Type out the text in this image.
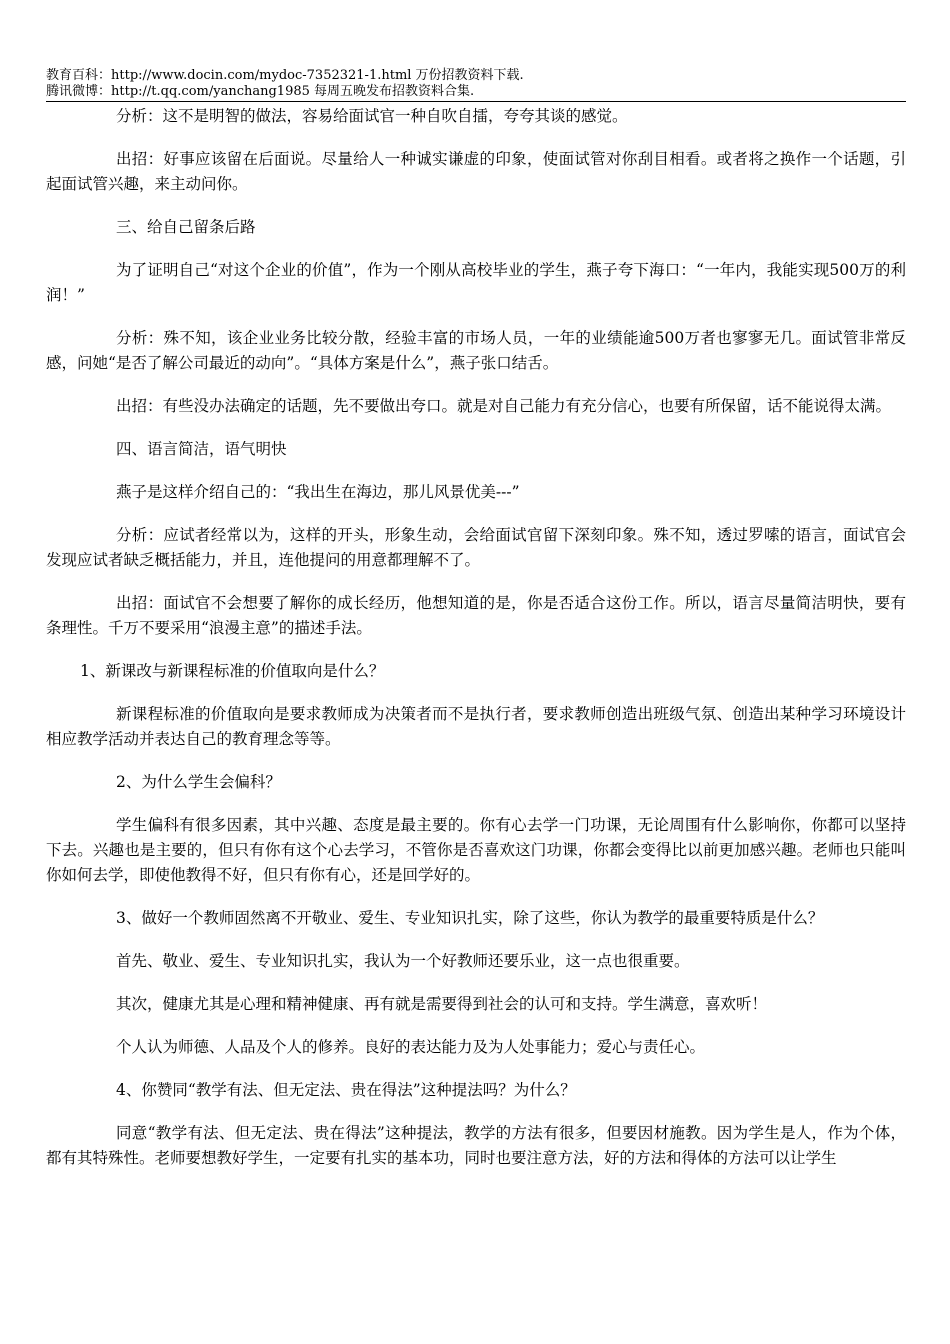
教育百科：http://www.docin.com/mydoc-7352321-1.html 万份招教资料下载.
腾讯微博：http://t.qq.com/yanchang1985 每周五晚发布招教资料合集.

分析：这不是明智的做法，容易给面试官一种自吹自擂，夸夸其谈的感觉。

出招：好事应该留在后面说。尽量给人一种诚实谦虚的印象，使面试管对你刮目相看。或者将之换作一个话题，引起面试管兴趣，来主动问你。

三、给自己留条后路

为了证明自己“对这个企业的价值”，作为一个刚从高校毕业的学生，燕子夸下海口：“一年内，我能实现500万的利润！”

分析：殊不知，该企业业务比较分散，经验丰富的市场人员，一年的业绩能逾500万者也寥寥无几。面试管非常反感，问她“是否了解公司最近的动向”。“具体方案是什么”，燕子张口结舌。

出招：有些没办法确定的话题，先不要做出夸口。就是对自己能力有充分信心，也要有所保留，话不能说得太满。

四、语言简洁，语气明快

燕子是这样介绍自己的：“我出生在海边，那儿风景优美---”

分析：应试者经常以为，这样的开头，形象生动，会给面试官留下深刻印象。殊不知，透过罗嗦的语言，面试官会发现应试者缺乏概括能力，并且，连他提问的用意都理解不了。

出招：面试官不会想要了解你的成长经历，他想知道的是，你是否适合这份工作。所以，语言尽量简洁明快，要有条理性。千万不要采用“浪漫主意”的描述手法。

1、新课改与新课程标准的价值取向是什么？

新课程标准的价值取向是要求教师成为决策者而不是执行者，要求教师创造出班级气氛、创造出某种学习环境设计相应教学活动并表达自己的教育理念等等。

2、为什么学生会偏科？

学生偏科有很多因素，其中兴趣、态度是最主要的。你有心去学一门功课，无论周围有什么影响你，你都可以坚持下去。兴趣也是主要的，但只有你有这个心去学习，不管你是否喜欢这门功课，你都会变得比以前更加感兴趣。老师也只能叫你如何去学，即使他教得不好，但只有你有心，还是回学好的。

3、做好一个教师固然离不开敬业、爱生、专业知识扎实，除了这些，你认为教学的最重要特质是什么？

首先、敬业、爱生、专业知识扎实，我认为一个好教师还要乐业，这一点也很重要。

其次，健康尤其是心理和精神健康、再有就是需要得到社会的认可和支持。学生满意，喜欢听！

个人认为师德、人品及个人的修养。良好的表达能力及为人处事能力；爱心与责任心。

4、你赞同“教学有法、但无定法、贵在得法”这种提法吗？为什么？

同意“教学有法、但无定法、贵在得法”这种提法，教学的方法有很多，但要因材施教。因为学生是人，作为个体，都有其特殊性。老师要想教好学生，一定要有扎实的基本功，同时也要注意方法，好的方法和得体的方法可以让学生
